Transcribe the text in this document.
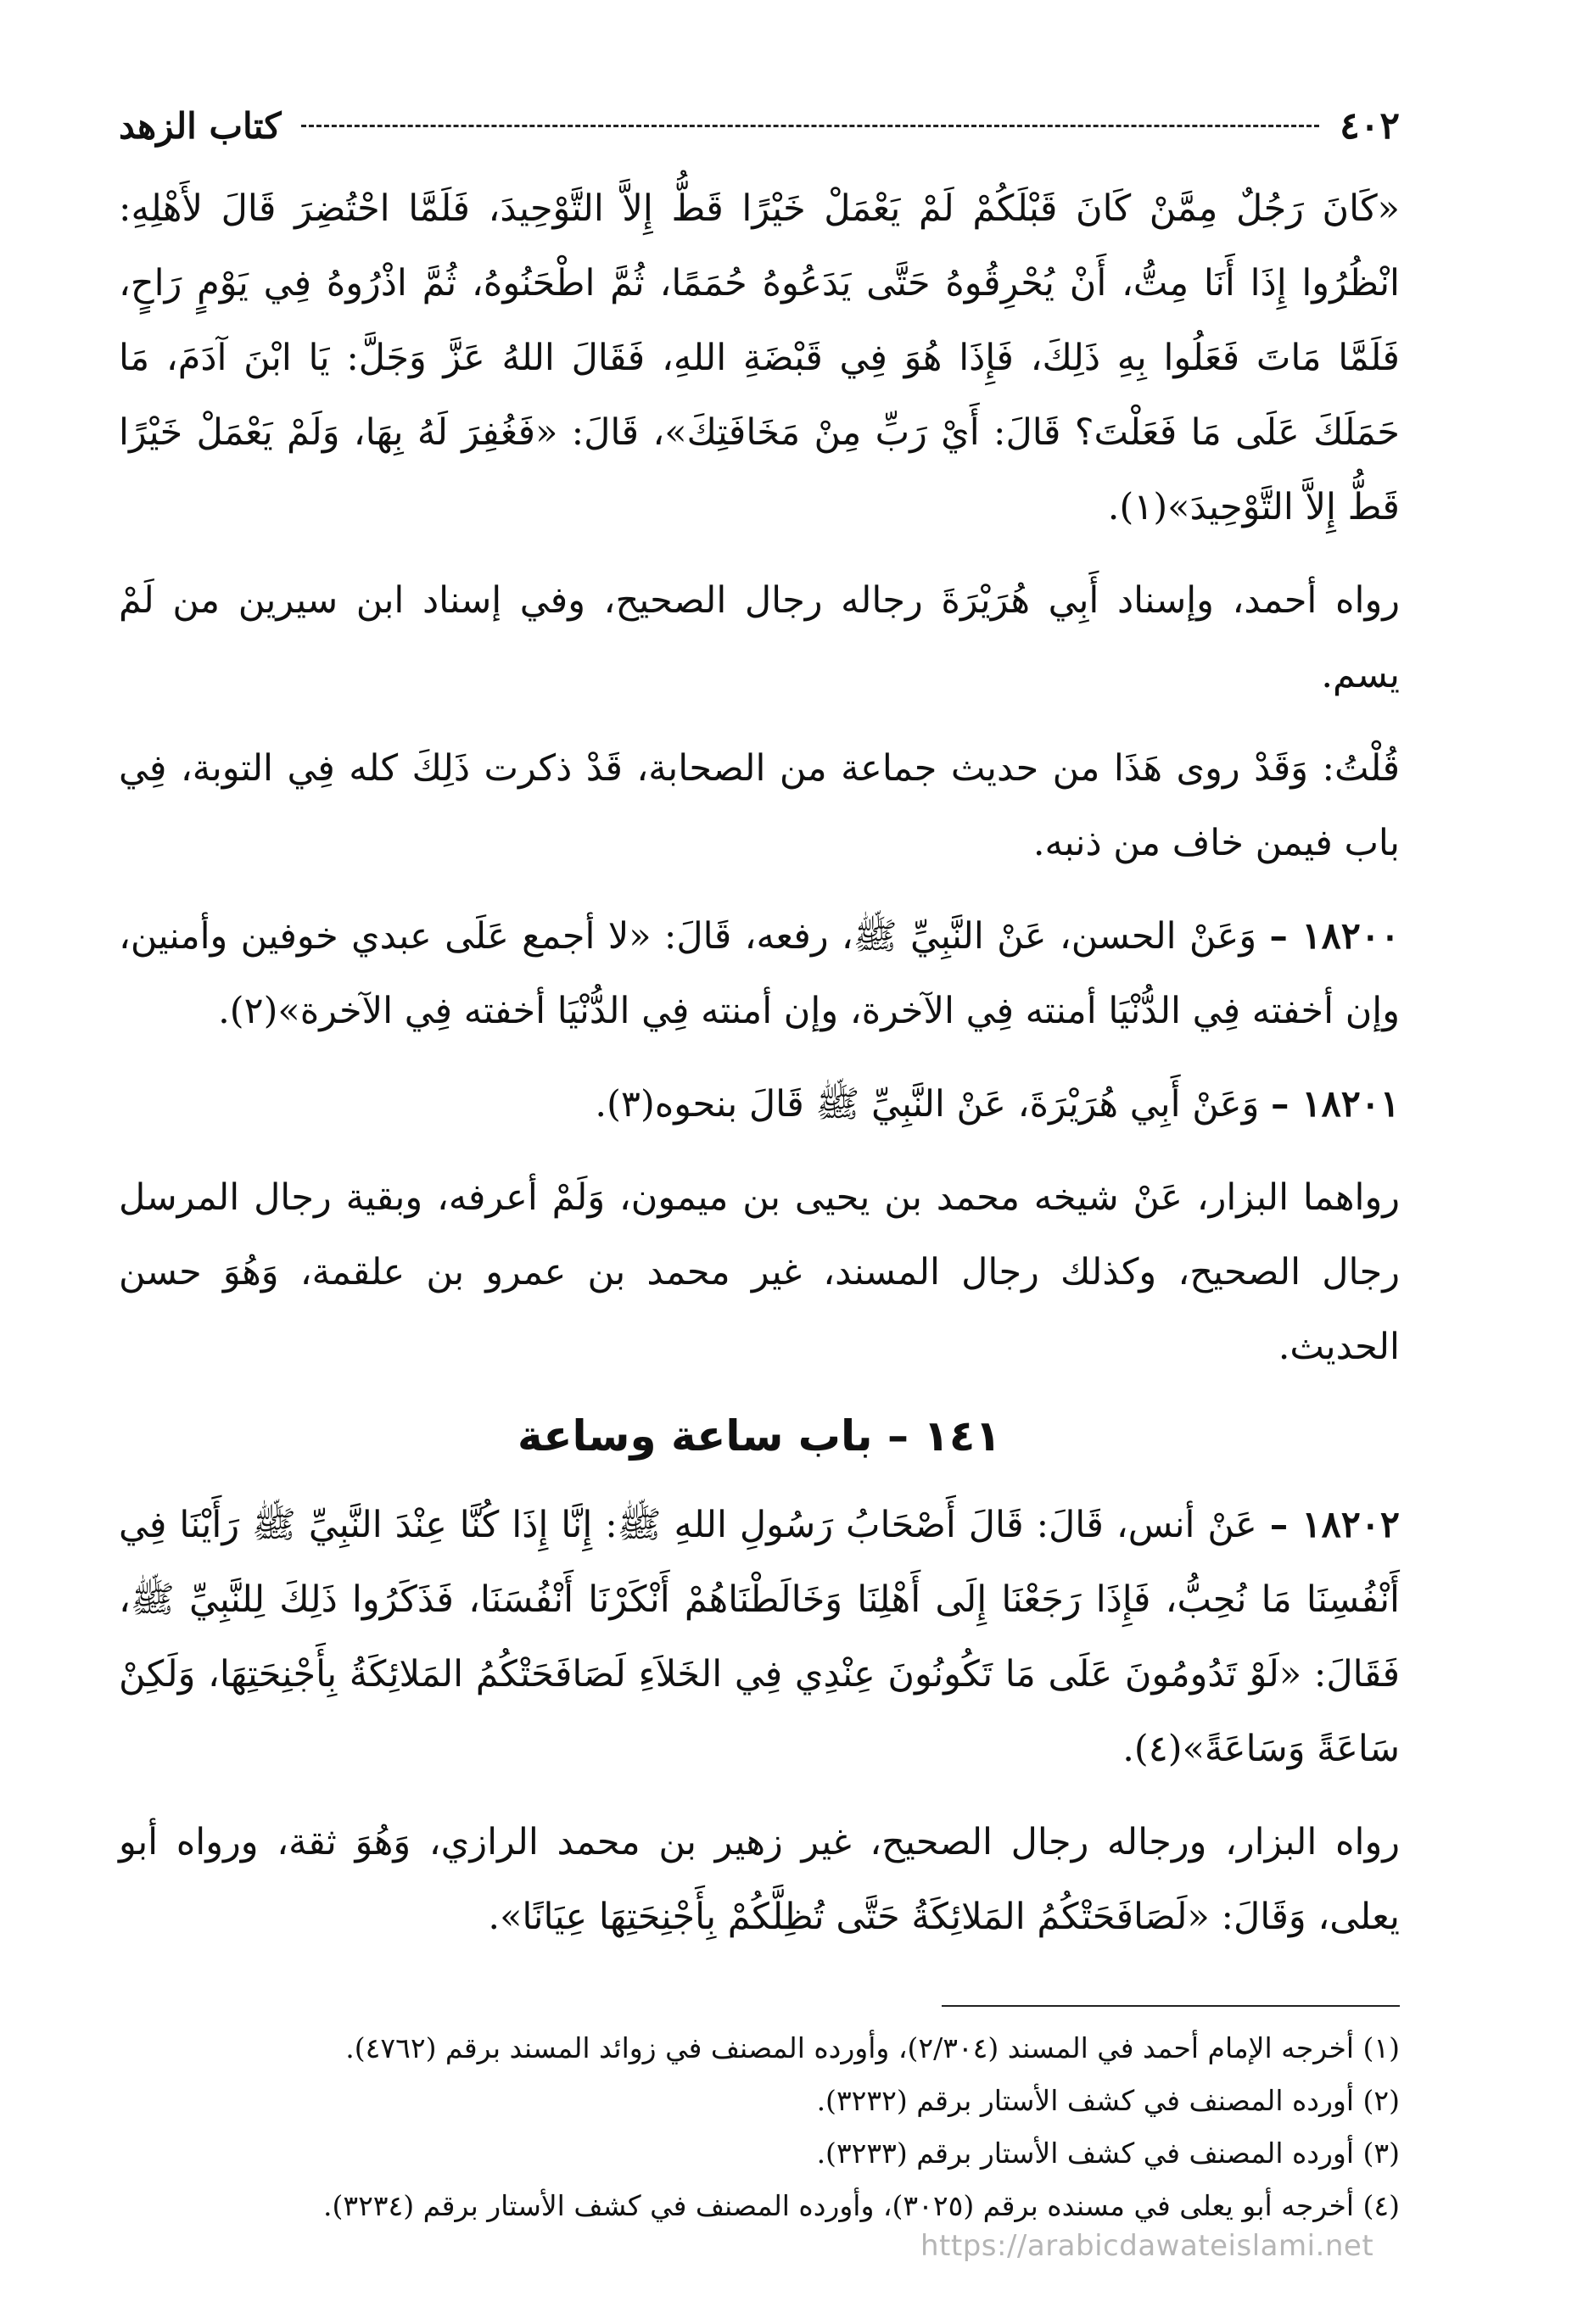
٤٠٢
كتاب الزهد

«كَانَ رَجُلٌ مِمَّنْ كَانَ قَبْلَكُمْ لَمْ يَعْمَلْ خَيْرًا قَطُّ إِلاَّ التَّوْحِيدَ، فَلَمَّا احْتُضِرَ قَالَ لأَهْلِهِ: انْظُرُوا إِذَا أَنَا مِتُّ، أَنْ يُحْرِقُوهُ حَتَّى يَدَعُوهُ حُمَمًا، ثُمَّ اطْحَنُوهُ، ثُمَّ اذْرُوهُ فِي يَوْمٍ رَاحٍ، فَلَمَّا مَاتَ فَعَلُوا بِهِ ذَلِكَ، فَإِذَا هُوَ فِي قَبْضَةِ اللهِ، فَقَالَ اللهُ عَزَّ وَجَلَّ: يَا ابْنَ آدَمَ، مَا حَمَلَكَ عَلَى مَا فَعَلْتَ؟ قَالَ: أَيْ رَبِّ مِنْ مَخَافَتِكَ»، قَالَ: «فَغُفِرَ لَهُ بِهَا، وَلَمْ يَعْمَلْ خَيْرًا قَطُّ إِلاَّ التَّوْحِيدَ»(١).

رواه أحمد، وإسناد أَبِي هُرَيْرَةَ رجاله رجال الصحيح، وفي إسناد ابن سيرين من لَمْ يسم.

قُلْتُ: وَقَدْ روى هَذَا من حديث جماعة من الصحابة، قَدْ ذكرت ذَلِكَ كله فِي التوبة، فِي باب فيمن خاف من ذنبه.

١٨٢٠٠ – وَعَنْ الحسن، عَنْ النَّبِيِّ ﷺ، رفعه، قَالَ: «لا أجمع عَلَى عبدي خوفين وأمنين، وإن أخفته فِي الدُّنْيَا أمنته فِي الآخرة، وإن أمنته فِي الدُّنْيَا أخفته فِي الآخرة»(٢).

١٨٢٠١ – وَعَنْ أَبِي هُرَيْرَةَ، عَنْ النَّبِيِّ ﷺ قَالَ بنحوه(٣).

رواهما البزار، عَنْ شيخه محمد بن يحيى بن ميمون، وَلَمْ أعرفه، وبقية رجال المرسل رجال الصحيح، وكذلك رجال المسند، غير محمد بن عمرو بن علقمة، وَهُوَ حسن الحديث.

١٤١ – باب ساعة وساعة

١٨٢٠٢ – عَنْ أنس، قَالَ: قَالَ أَصْحَابُ رَسُولِ اللهِ ﷺ: إِنَّا إِذَا كُنَّا عِنْدَ النَّبِيِّ ﷺ رَأَيْنَا فِي أَنْفُسِنَا مَا نُحِبُّ، فَإِذَا رَجَعْنَا إِلَى أَهْلِنَا وَخَالَطْنَاهُمْ أَنْكَرْنَا أَنْفُسَنَا، فَذَكَرُوا ذَلِكَ لِلنَّبِيِّ ﷺ، فَقَالَ: «لَوْ تَدُومُونَ عَلَى مَا تَكُونُونَ عِنْدِي فِي الخَلاَءِ لَصَافَحَتْكُمُ المَلائِكَةُ بِأَجْنِحَتِهَا، وَلَكِنْ سَاعَةً وَسَاعَةً»(٤).

رواه البزار، ورجاله رجال الصحيح، غير زهير بن محمد الرازي، وَهُوَ ثقة، ورواه أبو يعلى، وَقَالَ: «لَصَافَحَتْكُمُ المَلائِكَةُ حَتَّى تُظِلَّكُمْ بِأَجْنِحَتِهَا عِيَانًا».

(١) أخرجه الإمام أحمد في المسند (٢/٣٠٤)، وأورده المصنف في زوائد المسند برقم (٤٧٦٢).

(٢) أورده المصنف في كشف الأستار برقم (٣٢٣٢).

(٣) أورده المصنف في كشف الأستار برقم (٣٢٣٣).

(٤) أخرجه أبو يعلى في مسنده برقم (٣٠٢٥)، وأورده المصنف في كشف الأستار برقم (٣٢٣٤).

https://arabicdawateislami.net
